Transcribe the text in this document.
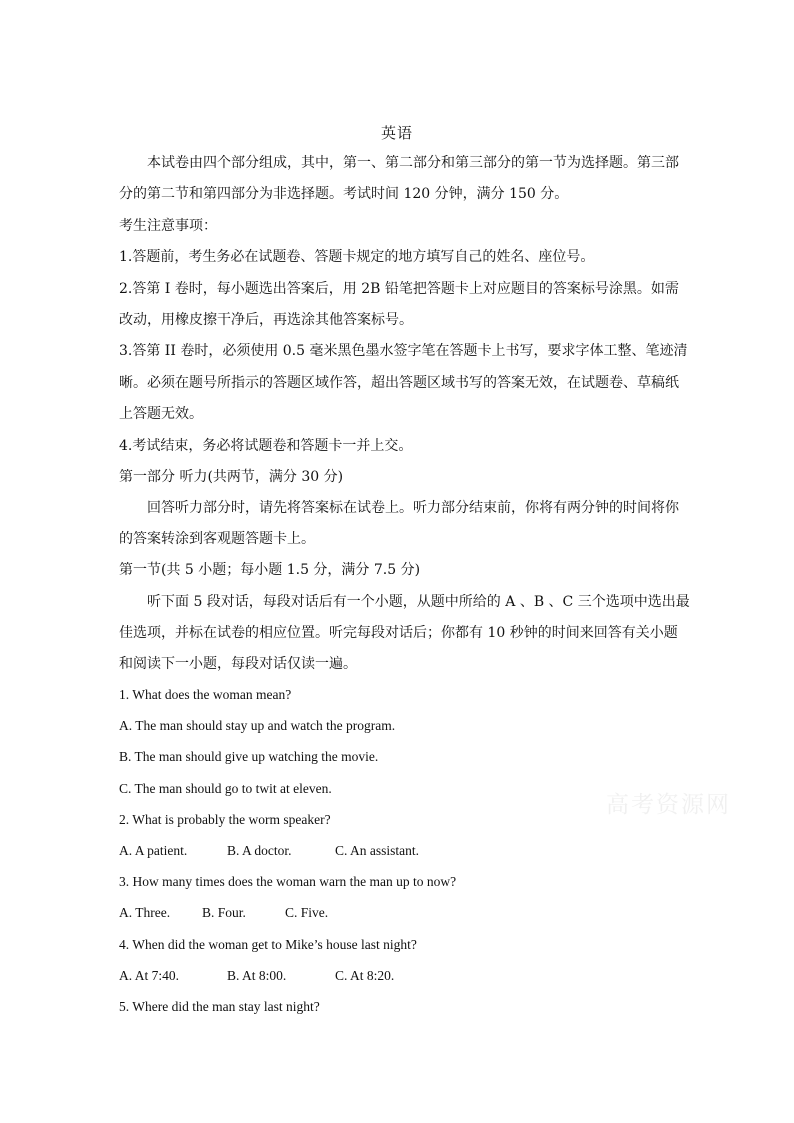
英语
本试卷由四个部分组成，其中，第一、第二部分和第三部分的第一节为选择题。第三部
分的第二节和第四部分为非选择题。考试时间 120 分钟，满分 150 分。
考生注意事项：
1.答题前，考生务必在试题卷、答题卡规定的地方填写自己的姓名、座位号。
2.答第 I 卷时，每小题选出答案后，用 2B 铅笔把答题卡上对应题目的答案标号涂黑。如需
改动，用橡皮擦干净后，再选涂其他答案标号。
3.答第 II 卷时，必须使用 0.5 毫米黑色墨水签字笔在答题卡上书写，要求字体工整、笔迹清
晰。必须在题号所指示的答题区域作答，超出答题区域书写的答案无效，在试题卷、草稿纸
上答题无效。
4.考试结束，务必将试题卷和答题卡一并上交。
第一部分 听力(共两节，满分 30 分)
回答听力部分时，请先将答案标在试卷上。听力部分结束前，你将有两分钟的时间将你
的答案转涂到客观题答题卡上。
第一节(共 5 小题；每小题 1.5 分，满分 7.5 分)
听下面 5 段对话，每段对话后有一个小题，从题中所给的 A 、B 、C 三个选项中选出最
佳选项，并标在试卷的相应位置。听完每段对话后；你都有 10 秒钟的时间来回答有关小题
和阅读下一小题，每段对话仅读一遍。
1. What does the woman mean?
A. The man should stay up and watch the program.
B. The man should give up watching the movie.
C. The man should go to twit at eleven.
2. What is probably the worm speaker?
A. A patient.	B. A doctor.	C. An assistant.
3. How many times does the woman warn the man up to now?
A. Three. B. Four.	C. Five.
4. When did the woman get to Mike’s house last night?
A. At 7:40.	B. At 8:00.	C. At 8:20.
5. Where did the man stay last night?
高考资源网
